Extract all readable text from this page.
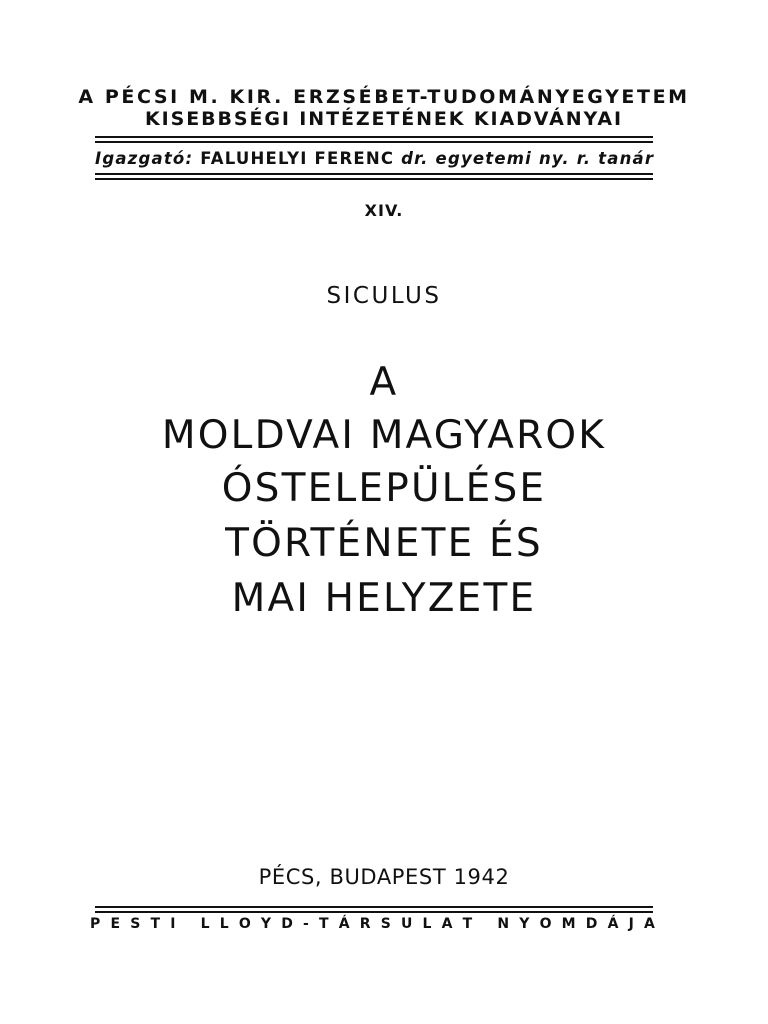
A PÉCSI M. KIR. ERZSÉBET-TUDOMÁNYEGYETEM
KISEBBSÉGI INTÉZETÉNEK KIADVÁNYAI
Igazgató: FALUHELYI FERENC dr. egyetemi ny. r. tanár
XIV.
SICULUS
A
MOLDVAI MAGYAROK
ÓSTELEPÜLÉSE
TÖRTÉNETE ÉS
MAI HELYZETE
PÉCS, BUDAPEST 1942
P E S T I
L L O Y D - T Á R S U L A T
N Y O M D Á J A
